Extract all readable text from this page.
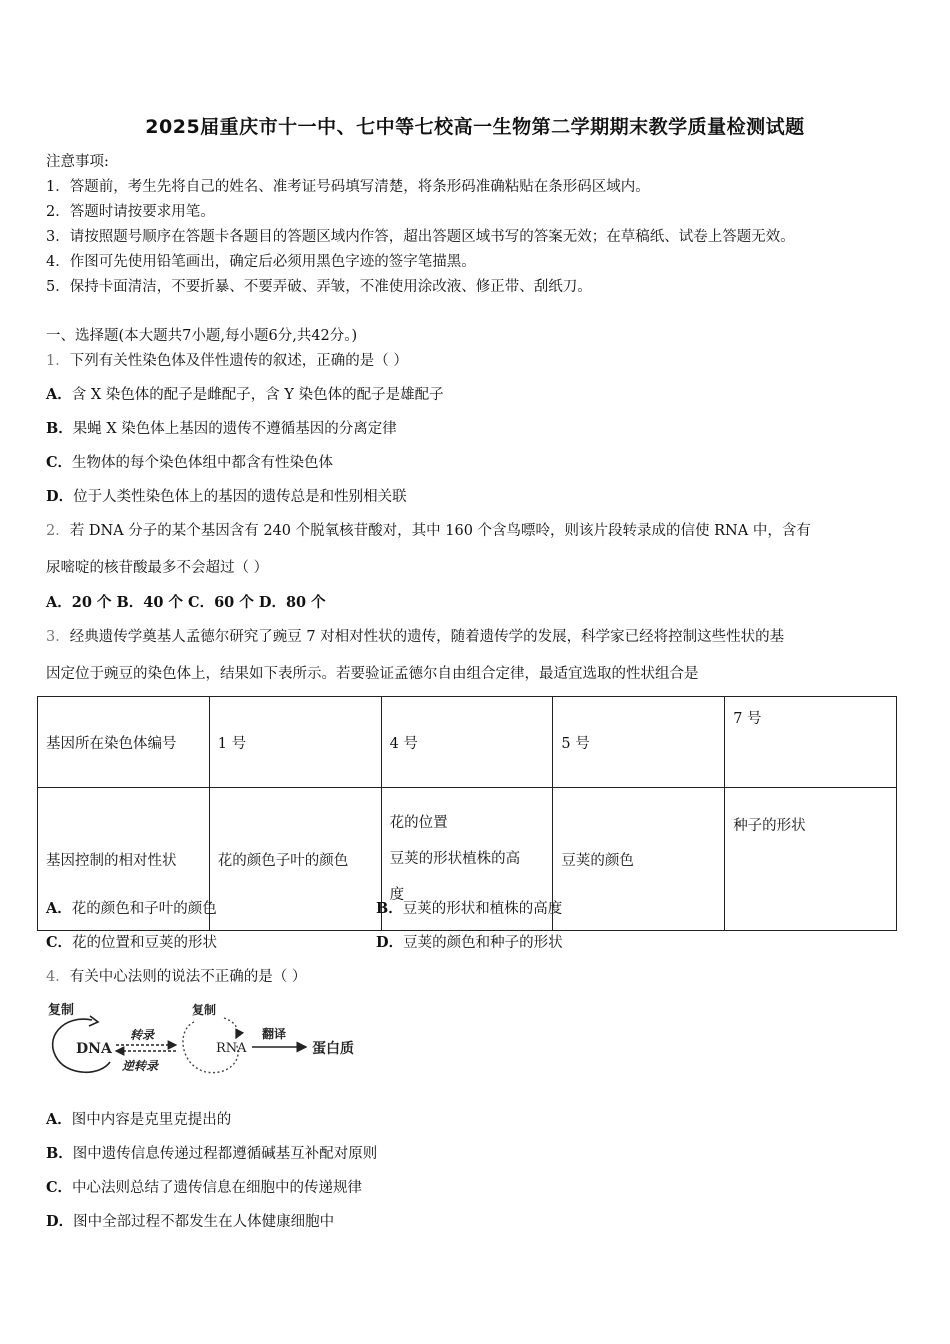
2025届重庆市十一中、七中等七校高一生物第二学期期末教学质量检测试题
注意事项:
1．答题前，考生先将自己的姓名、准考证号码填写清楚，将条形码准确粘贴在条形码区域内。
2．答题时请按要求用笔。
3．请按照题号顺序在答题卡各题目的答题区域内作答，超出答题区域书写的答案无效；在草稿纸、试卷上答题无效。
4．作图可先使用铅笔画出，确定后必须用黑色字迹的签字笔描黑。
5．保持卡面清洁，不要折暴、不要弄破、弄皱，不准使用涂改液、修正带、刮纸刀。
一、选择题(本大题共7小题,每小题6分,共42分。)
1．下列有关性染色体及伴性遗传的叙述，正确的是（ ）
A．含 X 染色体的配子是雌配子，含 Y 染色体的配子是雄配子
B．果蝇 X 染色体上基因的遗传不遵循基因的分离定律
C．生物体的每个染色体组中都含有性染色体
D．位于人类性染色体上的基因的遗传总是和性别相关联
2．若 DNA 分子的某个基因含有 240 个脱氧核苷酸对，其中 160 个含鸟嘌呤，则该片段转录成的信使 RNA 中，含有
尿嘧啶的核苷酸最多不会超过（ ）
A．20 个 B．40 个 C．60 个 D．80 个
3．经典遗传学奠基人孟德尔研究了豌豆 7 对相对性状的遗传，随着遗传学的发展，科学家已经将控制这些性状的基
因定位于豌豆的染色体上，结果如下表所示。若要验证孟德尔自由组合定律，最适宜选取的性状组合是
基因所在染色体编号	1 号	4 号	5 号	7 号
基因控制的相对性状	花的颜色子叶的颜色	花的位置
豆荚的形状植株的高
度	豆荚的颜色	种子的形状
A．花的颜色和子叶的颜色	B．豆荚的形状和植株的高度
C．花的位置和豆荚的形状	D．豆荚的颜色和种子的形状
4．有关中心法则的说法不正确的是（ ）
复制
DNA
转录
逆转录
复制
RNA
翻译
蛋白质
A．图中内容是克里克提出的
B．图中遗传信息传递过程都遵循碱基互补配对原则
C．中心法则总结了遗传信息在细胞中的传递规律
D．图中全部过程不都发生在人体健康细胞中
